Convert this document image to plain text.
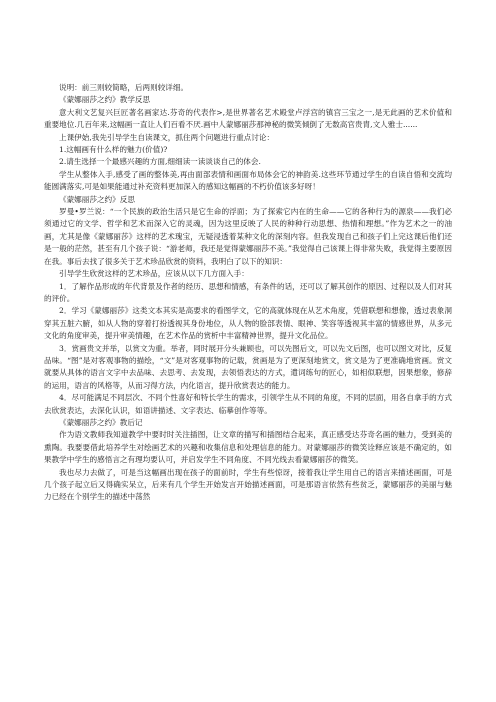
说明：前三则较简略，后两则较详细。

《蒙娜丽莎之约》教学反思

意大利文艺复兴巨匠著名画家达.芬奇的代表作>,是世界著名艺术殿堂卢浮宫的镇宫三宝之一,是无此画的艺术价值和重要地位.几百年来,这幅画一直让人们百看不厌.画中人蒙娜丽莎那神秘的微笑倾倒了无数高官贵胄,文人雅士......

上课伊始,我先引导学生自读课文，抓住两个问题进行重点讨论：

1.这幅画有什么样的魅力(价值)?

2.请生选择一个最感兴趣的方面,细细读一读谈谈自己的体会.

学生从整体入手,感受了画的整体美,再由面部表情和画面布局体会它的神韵美.这些环节通过学生的自读自悟和交流均能圆满落实,可是如果能通过补充资料更加深入的感知这幅画的不朽价值该多好呀！

《蒙娜丽莎之约》反思

罗曼•罗兰说：“一个民族的政治生活只是它生命的浮面；为了探索它内在的生命——它的各种行为的源泉——我们必须通过它的文学、哲学和艺术而深入它的灵魂，因为这里反映了人民的种种行动思想、热情和理想。”作为艺术之一的油画，尤其是像《蒙娜丽莎》这样的艺术瑰宝，无疑浸透着某种文化的深刻内容。但我发现自己和孩子们上完这课后他们还是一般的茫然，甚至有几个孩子说：“游老师，我还是觉得蒙娜丽莎不美。”我觉得自己该课上得非常失败，我觉得主要原因在我。事后去找了很多关于艺术珍品欣赏的资料，我明白了以下的知识：

引导学生欣赏这样的艺术珍品，应该从以下几方面入手：

1．了解作品形成的年代背景及作者的经历、思想和情感，有条件的话，还可以了解其创作的原因、过程以及人们对其的评价。

2．学习《蒙娜丽莎》这类文本其实是高要求的看图学文，它的高就体现在从艺术角度，凭借联想和想像，透过表象洞穿其五脏六腑，如从人物的穿着打扮透视其身份地位，从人物的脸部表情、眼神、笑容等透视其丰富的情感世界，从多元文化的角度审美，提升审美情趣，在艺术作品的赏析中丰富精神世界，提升文化品位。

3．赏画贵文并举，以赏文为重。举者，同时展开分头兼顾也，可以先图后文，可以先文后图，也可以图文对比，反复品味。“图”是对客观事物的描绘，“文”是对客观事物的记载，赏画是为了更深刻地赏文，赏文是为了更准确地赏画。赏文就要从具体的语言文字中去品味、去思考、去发现，去领悟表达的方式，遣词练句的匠心，如相似联想，因果想象，修辞的运用，语言的风格等，从而习得方法，内化语言，提升欣赏表达的能力。

4．尽可能满足不同层次、不同个性喜好和特长学生的需求，引领学生从不同的角度，不同的层面，用各自拿手的方式去欣赏表达，去深化认识，如语讲描述、文字表达、临摹创作等等。

《蒙娜丽莎之约》教后记

作为语文教师我知道教学中要时时关注插图，让文章的描写和插图结合起来，真正感受达芬奇名画的魅力，受到美的熏陶。我要要借此培养学生对绘画艺术的兴趣和收集信息和处理信息的能力。对蒙娜丽莎的微笑诠释应该是不确定的，如果教学中学生的感悟言之有理均要认可，并启发学生不同角度、不同光线去看蒙娜丽莎的微笑。

我也尽力去做了，可是当这幅画出现在孩子的面前时，学生有些惊讶，接着我让学生用自己的语言来描述画面，可是几个孩子起立后又得确实呆立，后来有几个学生开始发言开始描述画面，可是那语言依然有些贫乏，蒙娜丽莎的美丽与魅力已经在个别学生的描述中荡然
